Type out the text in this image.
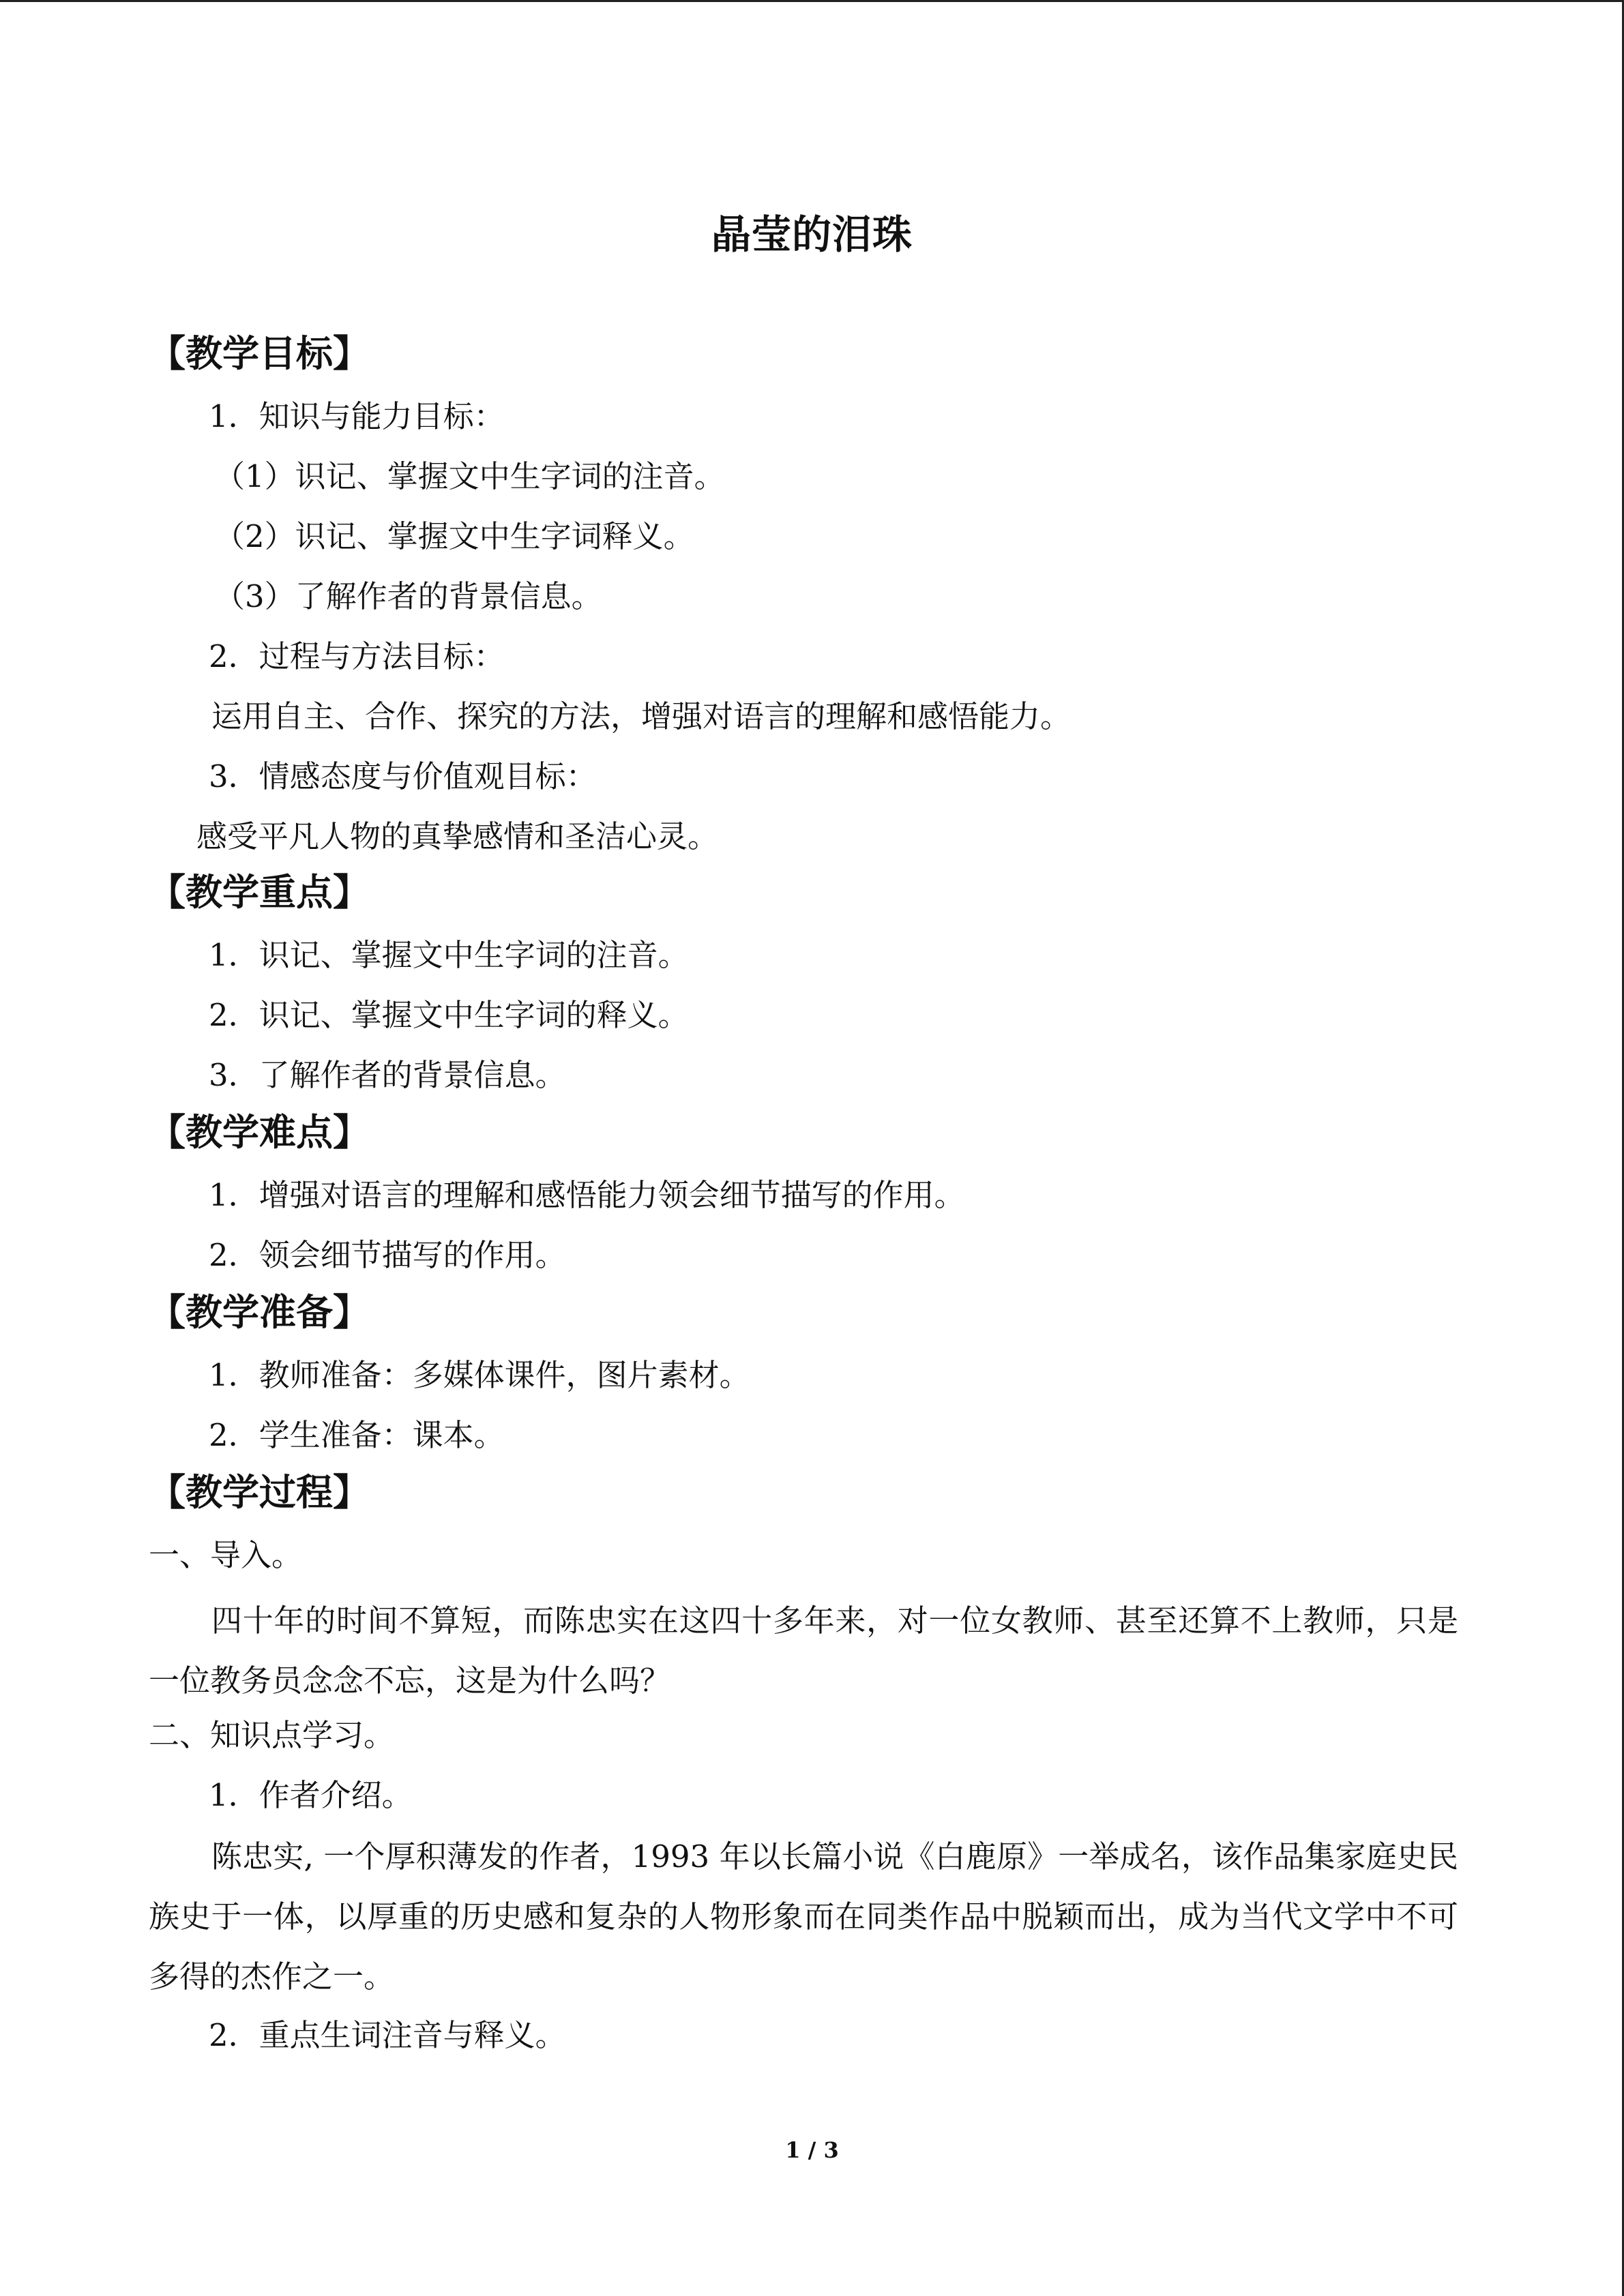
晶莹的泪珠
【教学目标】
1．知识与能力目标：
（1）识记、掌握文中生字词的注音。
（2）识记、掌握文中生字词释义。
（3）了解作者的背景信息。
2．过程与方法目标：
运用自主、合作、探究的方法，增强对语言的理解和感悟能力。
3．情感态度与价值观目标：
感受平凡人物的真挚感情和圣洁心灵。
【教学重点】
1．识记、掌握文中生字词的注音。
2．识记、掌握文中生字词的释义。
3．了解作者的背景信息。
【教学难点】
1．增强对语言的理解和感悟能力领会细节描写的作用。
2．领会细节描写的作用。
【教学准备】
1．教师准备：多媒体课件，图片素材。
2．学生准备：课本。
【教学过程】
一、导入。
四十年的时间不算短，而陈忠实在这四十多年来，对一位女教师、甚至还算不上教师，只是一位教务员念念不忘，这是为什么吗？
二、知识点学习。
1．作者介绍。
陈忠实, 一个厚积薄发的作者，1993 年以长篇小说《白鹿原》一举成名，该作品集家庭史民族史于一体，以厚重的历史感和复杂的人物形象而在同类作品中脱颖而出，成为当代文学中不可多得的杰作之一。
2．重点生词注音与释义。
1 / 3
